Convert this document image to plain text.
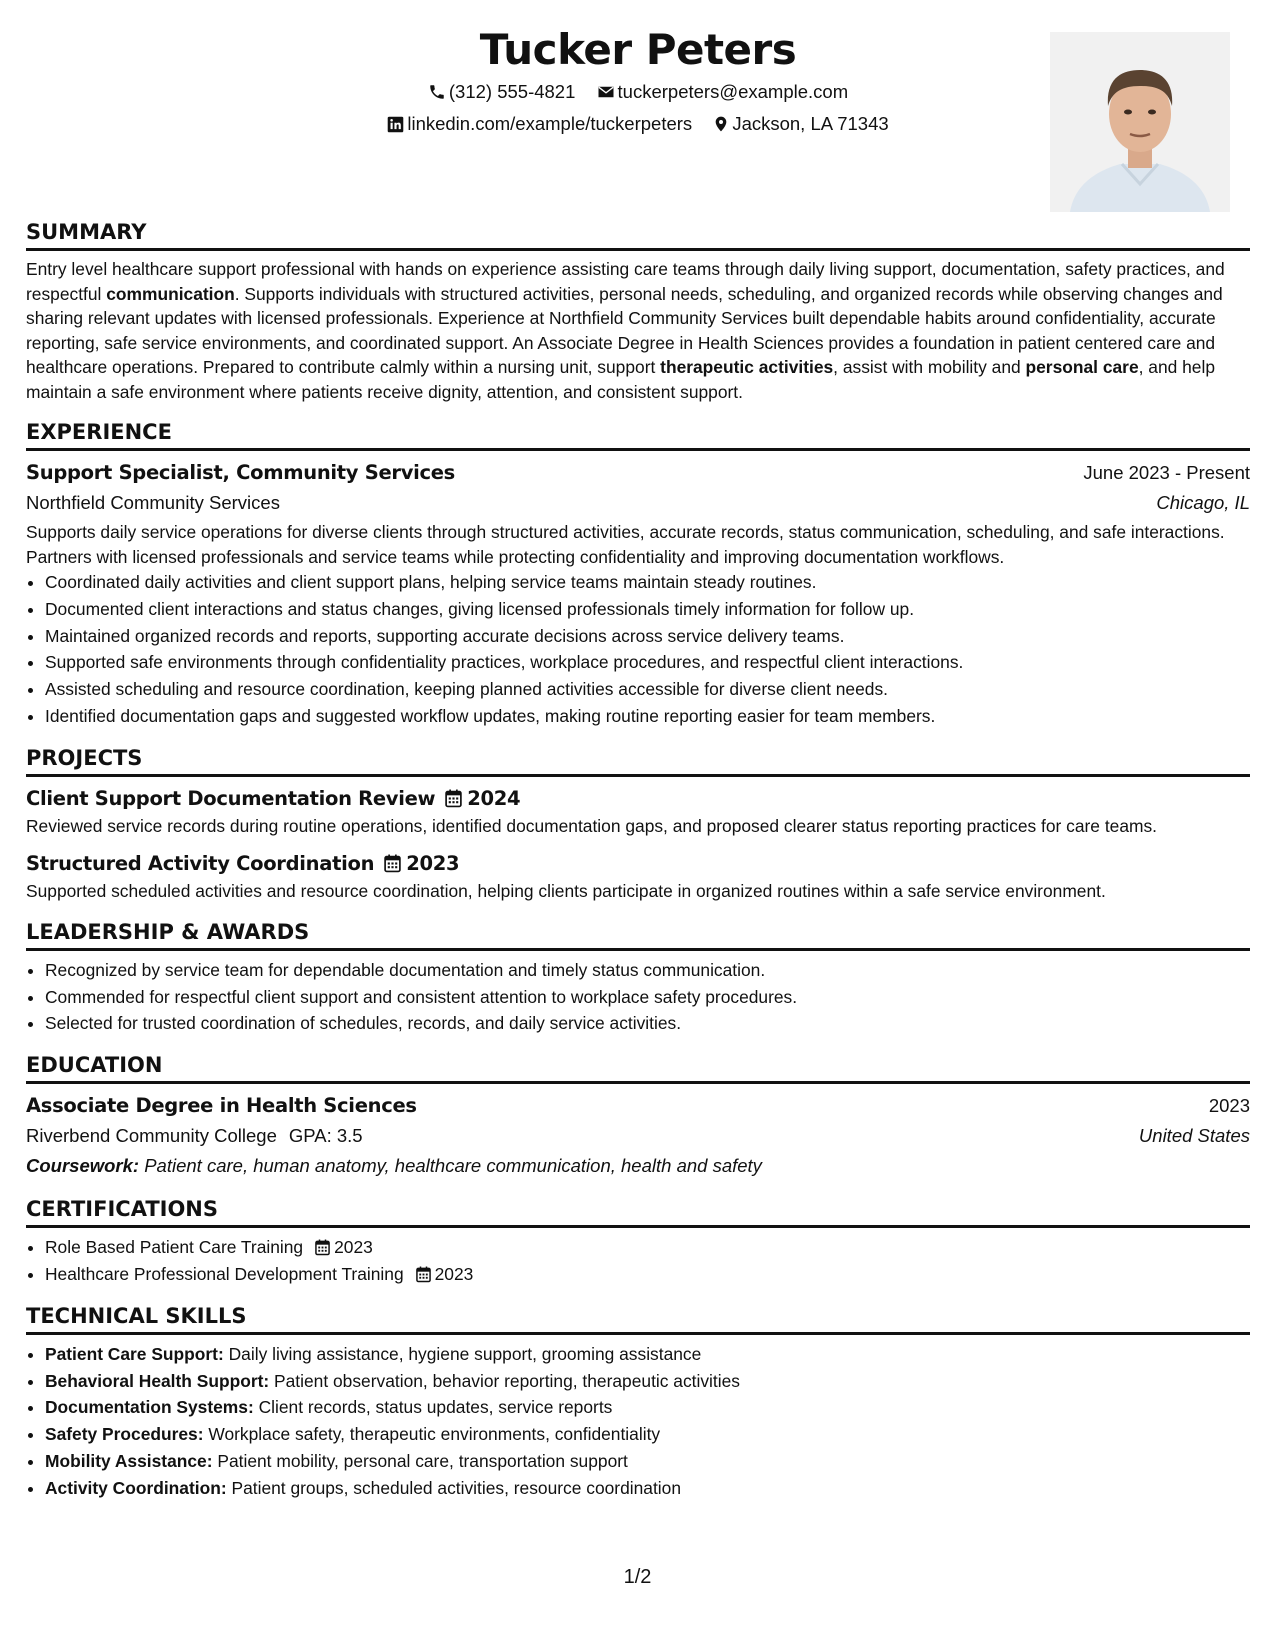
Tucker Peters
(312) 555-4821 tuckerpeters@example.com
linkedin.com/example/tuckerpeters Jackson, LA 71343
SUMMARY

Entry level healthcare support professional with hands on experience assisting care teams through daily living support, documentation, safety practices, and respectful communication. Supports individuals with structured activities, personal needs, scheduling, and organized records while observing changes and sharing relevant updates with licensed professionals. Experience at Northfield Community Services built dependable habits around confidentiality, accurate reporting, safe service environments, and coordinated support. An Associate Degree in Health Sciences provides a foundation in patient centered care and healthcare operations. Prepared to contribute calmly within a nursing unit, support therapeutic activities, assist with mobility and personal care, and help maintain a safe environment where patients receive dignity, attention, and consistent support.

EXPERIENCE
Support Specialist, Community Services	June 2023 - Present
Northfield Community Services	Chicago, IL

Supports daily service operations for diverse clients through structured activities, accurate records, status communication, scheduling, and safe interactions. Partners with licensed professionals and service teams while protecting confidentiality and improving documentation workflows.

• Coordinated daily activities and client support plans, helping service teams maintain steady routines.
• Documented client interactions and status changes, giving licensed professionals timely information for follow up.
• Maintained organized records and reports, supporting accurate decisions across service delivery teams.
• Supported safe environments through confidentiality practices, workplace procedures, and respectful client interactions.
• Assisted scheduling and resource coordination, keeping planned activities accessible for diverse client needs.
• Identified documentation gaps and suggested workflow updates, making routine reporting easier for team members.
PROJECTS
Client Support Documentation Review 2024

Reviewed service records during routine operations, identified documentation gaps, and proposed clearer status reporting practices for care teams.

Structured Activity Coordination 2023

Supported scheduled activities and resource coordination, helping clients participate in organized routines within a safe service environment.

LEADERSHIP & AWARDS
• Recognized by service team for dependable documentation and timely status communication.
• Commended for respectful client support and consistent attention to workplace safety procedures.
• Selected for trusted coordination of schedules, records, and daily service activities.
EDUCATION
Associate Degree in Health Sciences	2023
Riverbend Community College GPA: 3.5	United States
Coursework: Patient care, human anatomy, healthcare communication, health and safety
CERTIFICATIONS
• Role Based Patient Care Training 2023
• Healthcare Professional Development Training 2023
TECHNICAL SKILLS
• Patient Care Support: Daily living assistance, hygiene support, grooming assistance
• Behavioral Health Support: Patient observation, behavior reporting, therapeutic activities
• Documentation Systems: Client records, status updates, service reports
• Safety Procedures: Workplace safety, therapeutic environments, confidentiality
• Mobility Assistance: Patient mobility, personal care, transportation support
• Activity Coordination: Patient groups, scheduled activities, resource coordination
1/2
